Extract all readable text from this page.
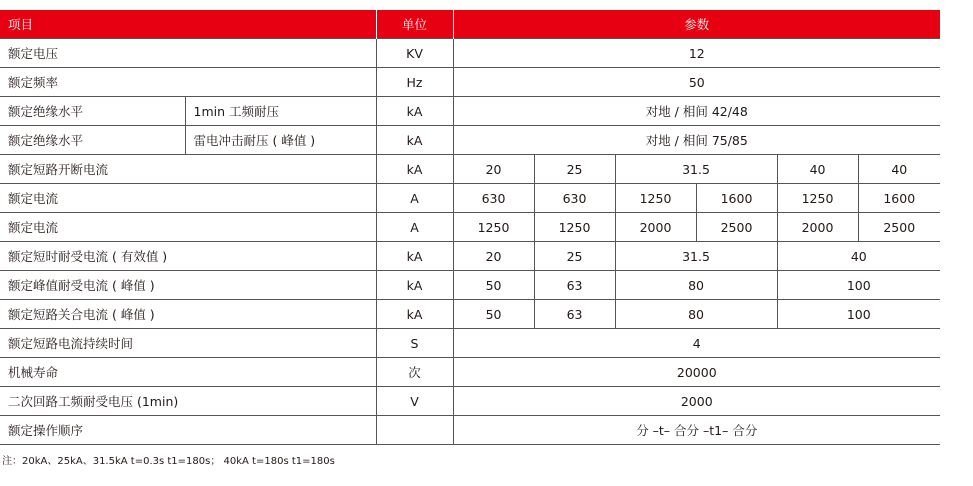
项目		单位	参数					
额定电压		KV	12					
额定频率		Hz	50					
额定绝缘水平	1min 工频耐压	kA	对地 / 相间 42/48					
额定绝缘水平	雷电冲击耐压 ( 峰值 )	kA	对地 / 相间 75/85					
额定短路开断电流		kA	20	25	31.5		40	40
额定电流		A	630	630	1250	1600	1250	1600
额定电流		A	1250	1250	2000	2500	2000	2500
额定短时耐受电流 ( 有效值 )		kA	20	25	31.5		40	
额定峰值耐受电流 ( 峰值 )		kA	50	63	80		100	
额定短路关合电流 ( 峰值 )		kA	50	63	80		100	
额定短路电流持续时间		S	4					
机械寿命		次	20000					
二次回路工频耐受电压 (1min)		V	2000					
额定操作顺序			分 –t– 合分 –t1– 合分					
注：20kA、25kA、31.5kA t=0.3s t1=180s； 40kA t=180s t1=180s
